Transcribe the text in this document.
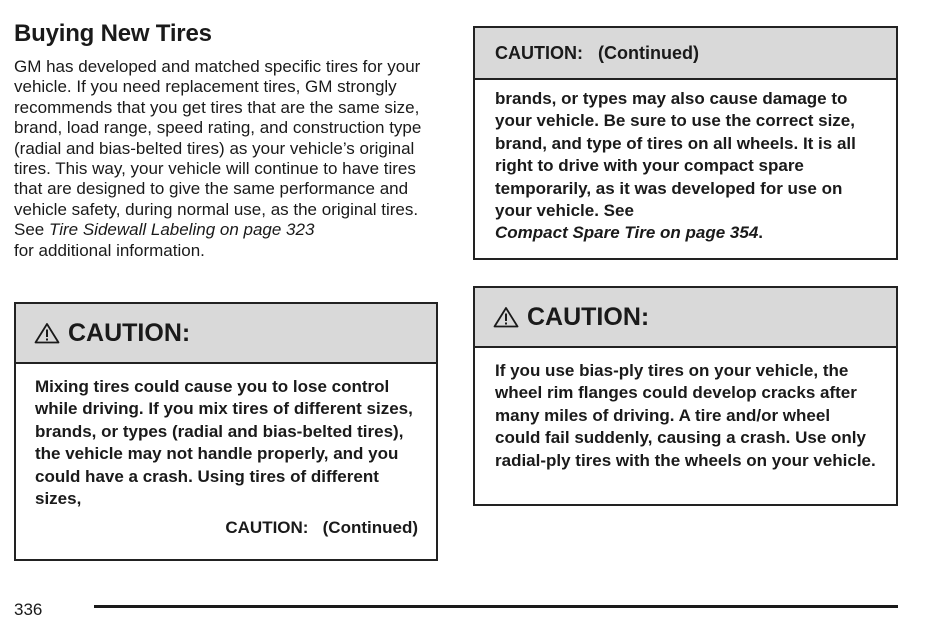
Buying New Tires

GM has developed and matched specific tires for your vehicle. If you need replacement tires, GM strongly recommends that you get tires that are the same size, brand, load range, speed rating, and construction type (radial and bias-belted tires) as your vehicle’s original tires. This way, your vehicle will continue to have tires that are designed to give the same performance and vehicle safety, during normal use, as the original tires. See Tire Sidewall Labeling on page 323
for additional information.

CAUTION:
Mixing tires could cause you to lose control while driving. If you mix tires of different sizes, brands, or types (radial and bias-belted tires), the vehicle may not handle properly, and you could have a crash. Using tires of different sizes,
CAUTION:   (Continued)
CAUTION:   (Continued)
brands, or types may also cause damage to your vehicle. Be sure to use the correct size, brand, and type of tires on all wheels. It is all right to drive with your compact spare temporarily, as it was developed for use on your vehicle. See
Compact Spare Tire on page 354.
CAUTION:
If you use bias-ply tires on your vehicle, the wheel rim flanges could develop cracks after many miles of driving. A tire and/or wheel could fail suddenly, causing a crash. Use only radial-ply tires with the wheels on your vehicle.
336
